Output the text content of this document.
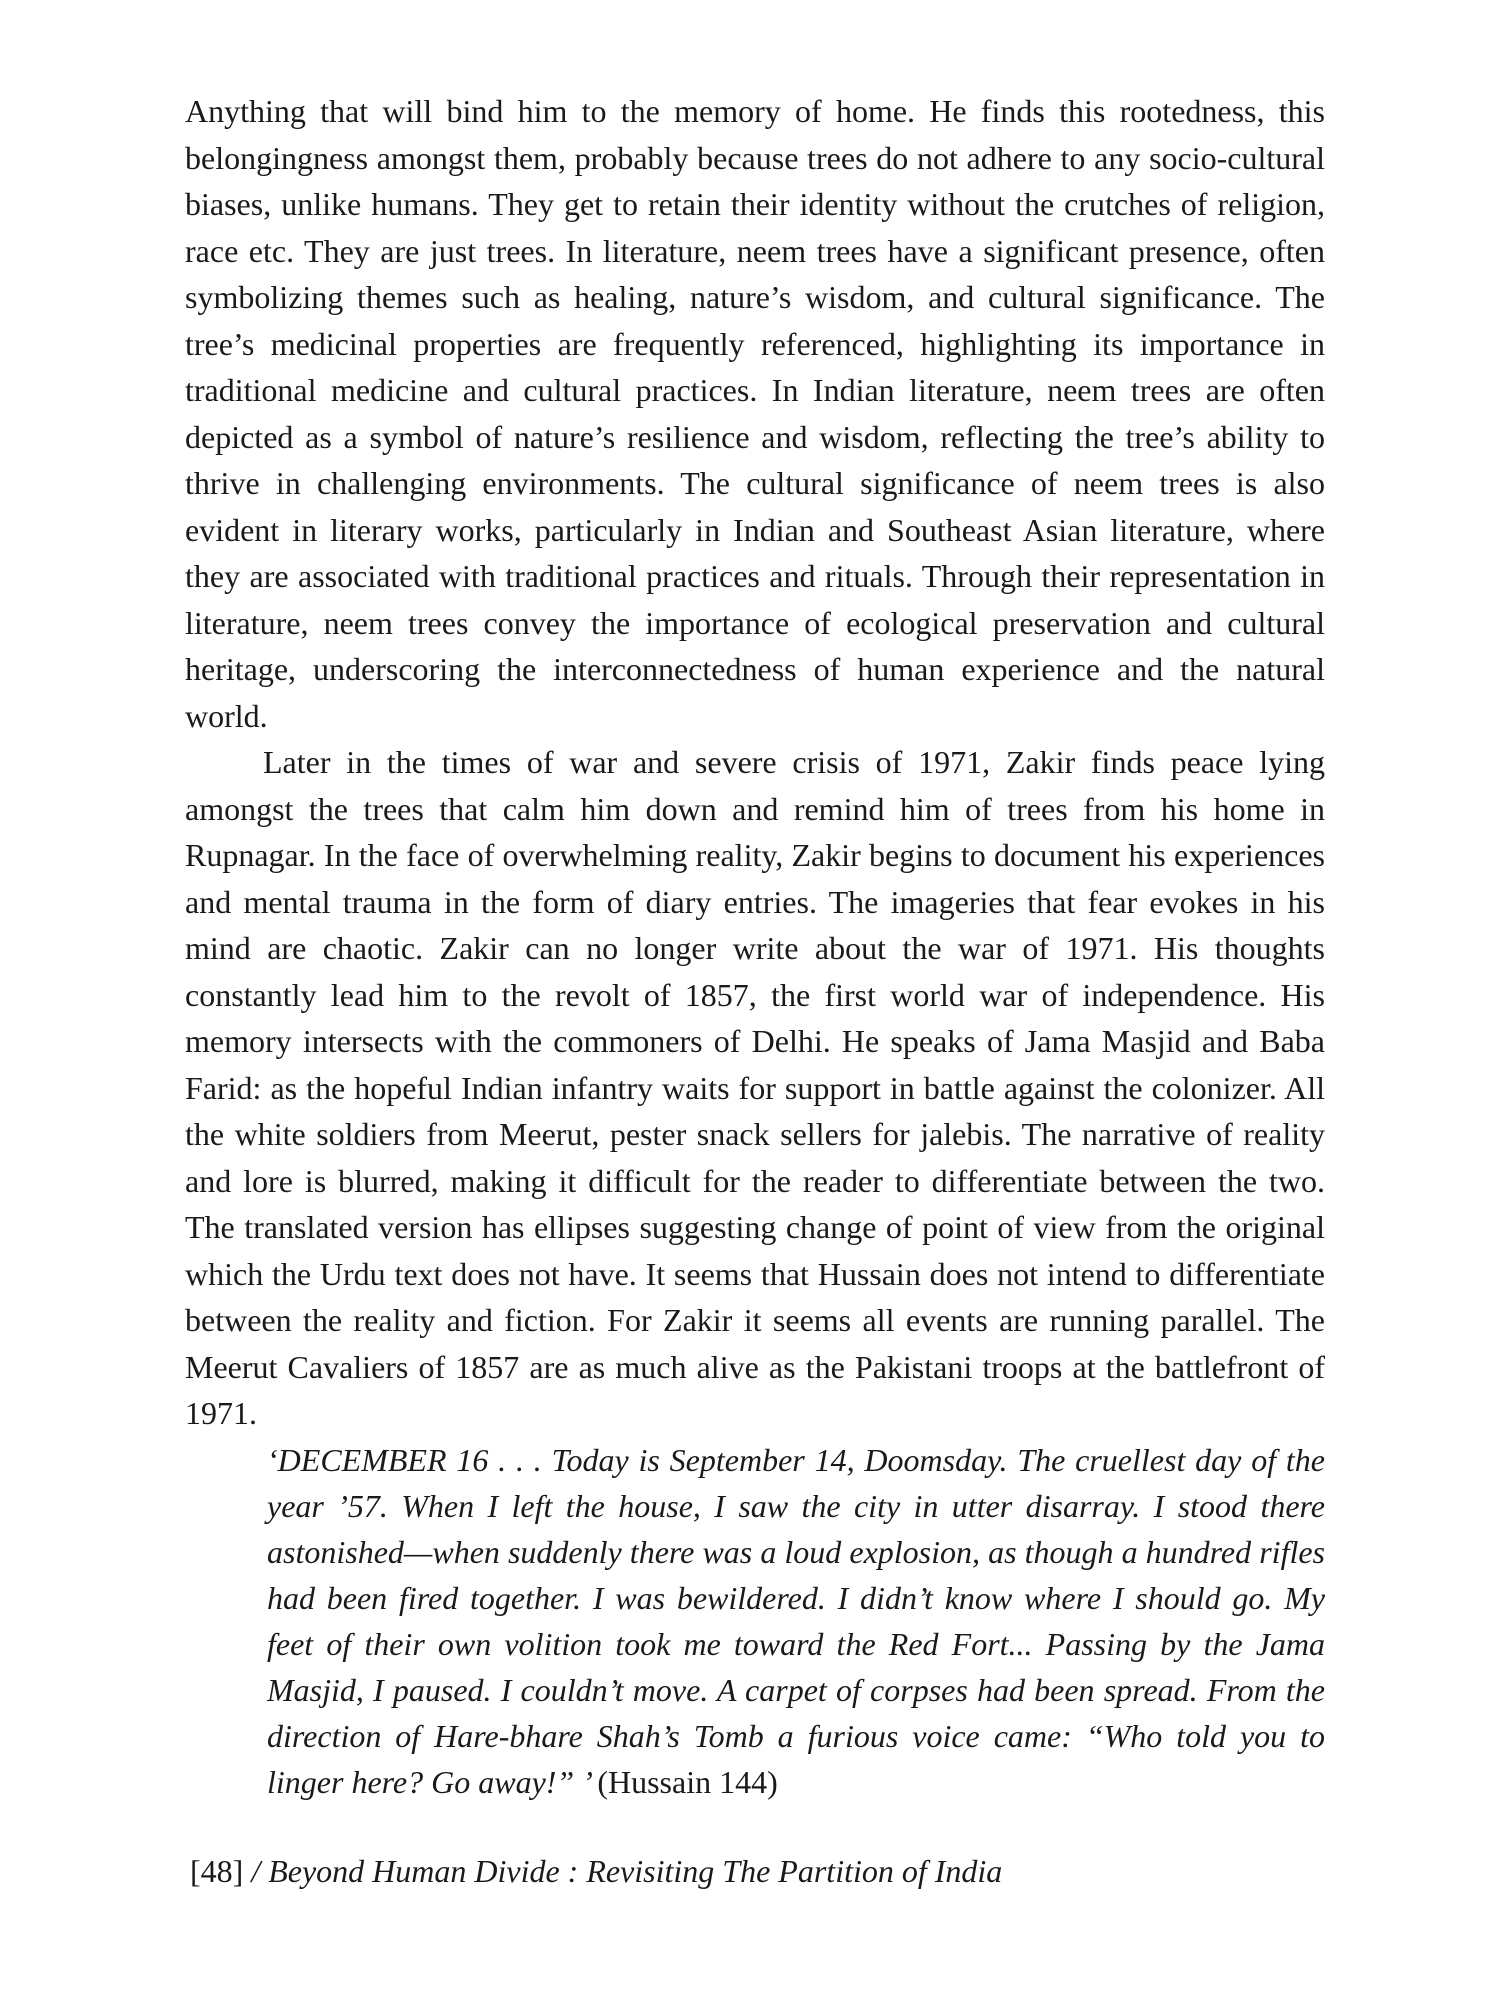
Anything that will bind him to the memory of home. He finds this rootedness, this belongingness amongst them, probably because trees do not adhere to any socio-cultural biases, unlike humans. They get to retain their identity without the crutches of religion, race etc. They are just trees. In literature, neem trees have a significant presence, often symbolizing themes such as healing, nature’s wisdom, and cultural significance. The tree’s medicinal properties are frequently referenced, highlighting its importance in traditional medicine and cultural practices. In Indian literature, neem trees are often depicted as a symbol of nature’s resilience and wisdom, reflecting the tree’s ability to thrive in challenging environments. The cultural significance of neem trees is also evident in literary works, particularly in Indian and Southeast Asian literature, where they are associated with traditional practices and rituals. Through their representation in literature, neem trees convey the importance of ecological preservation and cultural heritage, underscoring the interconnectedness of human experience and the natural world.

Later in the times of war and severe crisis of 1971, Zakir finds peace lying amongst the trees that calm him down and remind him of trees from his home in Rupnagar. In the face of overwhelming reality, Zakir begins to document his experiences and mental trauma in the form of diary entries. The imageries that fear evokes in his mind are chaotic. Zakir can no longer write about the war of 1971. His thoughts constantly lead him to the revolt of 1857, the first world war of independence. His memory intersects with the commoners of Delhi. He speaks of Jama Masjid and Baba Farid: as the hopeful Indian infantry waits for support in battle against the colonizer. All the white soldiers from Meerut, pester snack sellers for jalebis. The narrative of reality and lore is blurred, making it difficult for the reader to differentiate between the two. The translated version has ellipses suggesting change of point of view from the original which the Urdu text does not have. It seems that Hussain does not intend to differentiate between the reality and fiction. For Zakir it seems all events are running parallel. The Meerut Cavaliers of 1857 are as much alive as the Pakistani troops at the battlefront of 1971.

‘DECEMBER 16 . . . Today is September 14, Doomsday. The cruellest day of the year ’57. When I left the house, I saw the city in utter disarray. I stood there astonished—when suddenly there was a loud explosion, as though a hundred rifles had been fired together. I was bewildered. I didn’t know where I should go. My feet of their own volition took me toward the Red Fort... Passing by the Jama Masjid, I paused. I couldn’t move. A carpet of corpses had been spread. From the direction of Hare-bhare Shah’s Tomb a furious voice came: “Who told you to linger here? Go away!” ’ (Hussain 144)

[48] / Beyond Human Divide : Revisiting The Partition of India
